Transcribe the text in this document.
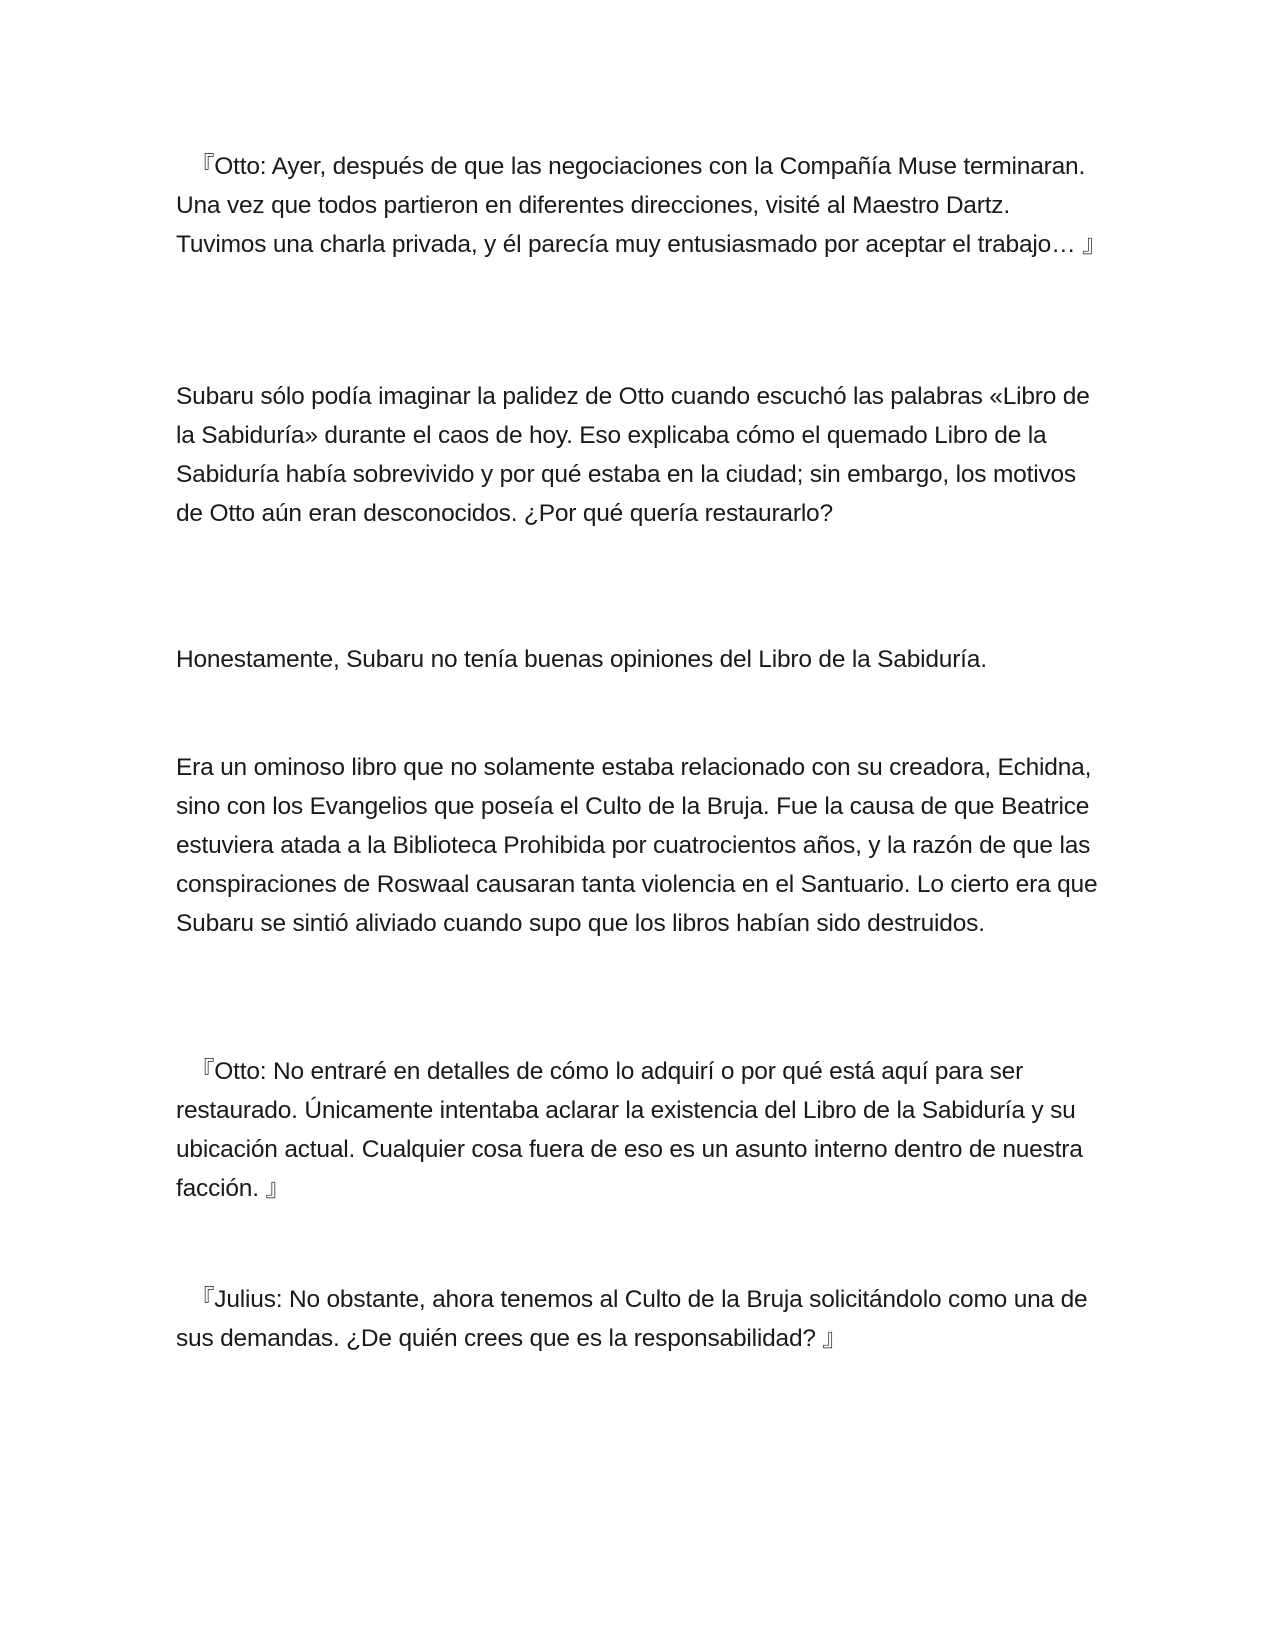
『Otto: Ayer, después de que las negociaciones con la Compañía Muse terminaran. Una vez que todos partieron en diferentes direcciones, visité al Maestro Dartz. Tuvimos una charla privada, y él parecía muy entusiasmado por aceptar el trabajo… 』

Subaru sólo podía imaginar la palidez de Otto cuando escuchó las palabras «Libro de la Sabiduría» durante el caos de hoy. Eso explicaba cómo el quemado Libro de la Sabiduría había sobrevivido y por qué estaba en la ciudad; sin embargo, los motivos de Otto aún eran desconocidos. ¿Por qué quería restaurarlo?

Honestamente, Subaru no tenía buenas opiniones del Libro de la Sabiduría.

Era un ominoso libro que no solamente estaba relacionado con su creadora, Echidna, sino con los Evangelios que poseía el Culto de la Bruja. Fue la causa de que Beatrice estuviera atada a la Biblioteca Prohibida por cuatrocientos años, y la razón de que las conspiraciones de Roswaal causaran tanta violencia en el Santuario. Lo cierto era que Subaru se sintió aliviado cuando supo que los libros habían sido destruidos.

『Otto: No entraré en detalles de cómo lo adquirí o por qué está aquí para ser restaurado. Únicamente intentaba aclarar la existencia del Libro de la Sabiduría y su ubicación actual. Cualquier cosa fuera de eso es un asunto interno dentro de nuestra facción. 』

『Julius: No obstante, ahora tenemos al Culto de la Bruja solicitándolo como una de sus demandas. ¿De quién crees que es la responsabilidad? 』
